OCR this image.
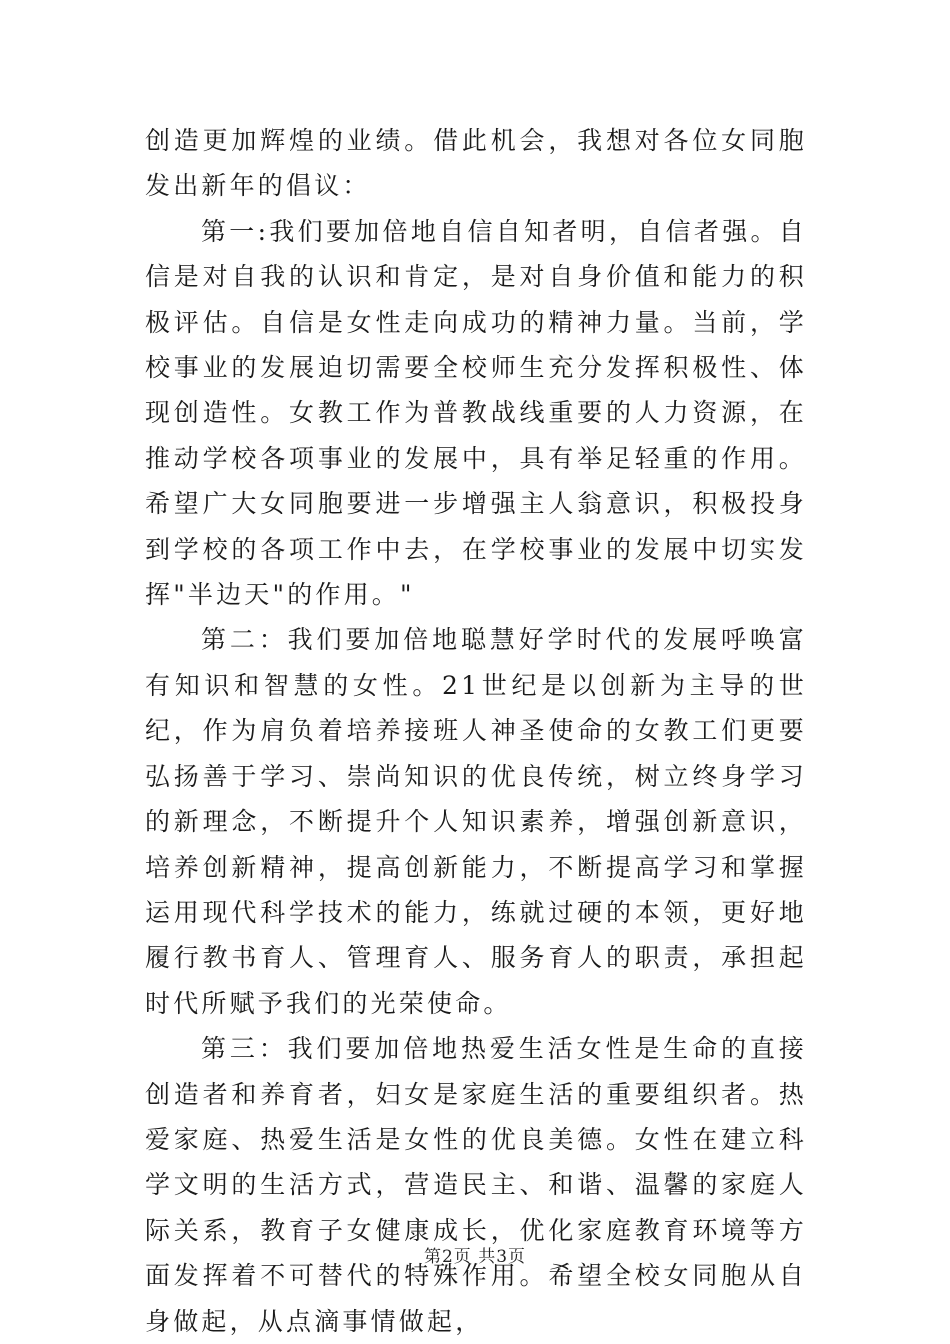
创造更加辉煌的业绩。借此机会，我想对各位女同胞发出新年的倡议：

第一:我们要加倍地自信自知者明，自信者强。自信是对自我的认识和肯定，是对自身价值和能力的积极评估。自信是女性走向成功的精神力量。当前，学校事业的发展迫切需要全校师生充分发挥积极性、体现创造性。女教工作为普教战线重要的人力资源，在推动学校各项事业的发展中，具有举足轻重的作用。希望广大女同胞要进一步增强主人翁意识，积极投身到学校的各项工作中去，在学校事业的发展中切实发挥"半边天"的作用。"

第二：我们要加倍地聪慧好学时代的发展呼唤富有知识和智慧的女性。21世纪是以创新为主导的世纪，作为肩负着培养接班人神圣使命的女教工们更要弘扬善于学习、崇尚知识的优良传统，树立终身学习的新理念，不断提升个人知识素养，增强创新意识，培养创新精神，提高创新能力，不断提高学习和掌握运用现代科学技术的能力，练就过硬的本领，更好地履行教书育人、管理育人、服务育人的职责，承担起时代所赋予我们的光荣使命。

第三：我们要加倍地热爱生活女性是生命的直接创造者和养育者，妇女是家庭生活的重要组织者。热爱家庭、热爱生活是女性的优良美德。女性在建立科学文明的生活方式，营造民主、和谐、温馨的家庭人际关系，教育子女健康成长，优化家庭教育环境等方面发挥着不可替代的特殊作用。希望全校女同胞从自身做起，从点滴事情做起，

第2页 共3页
